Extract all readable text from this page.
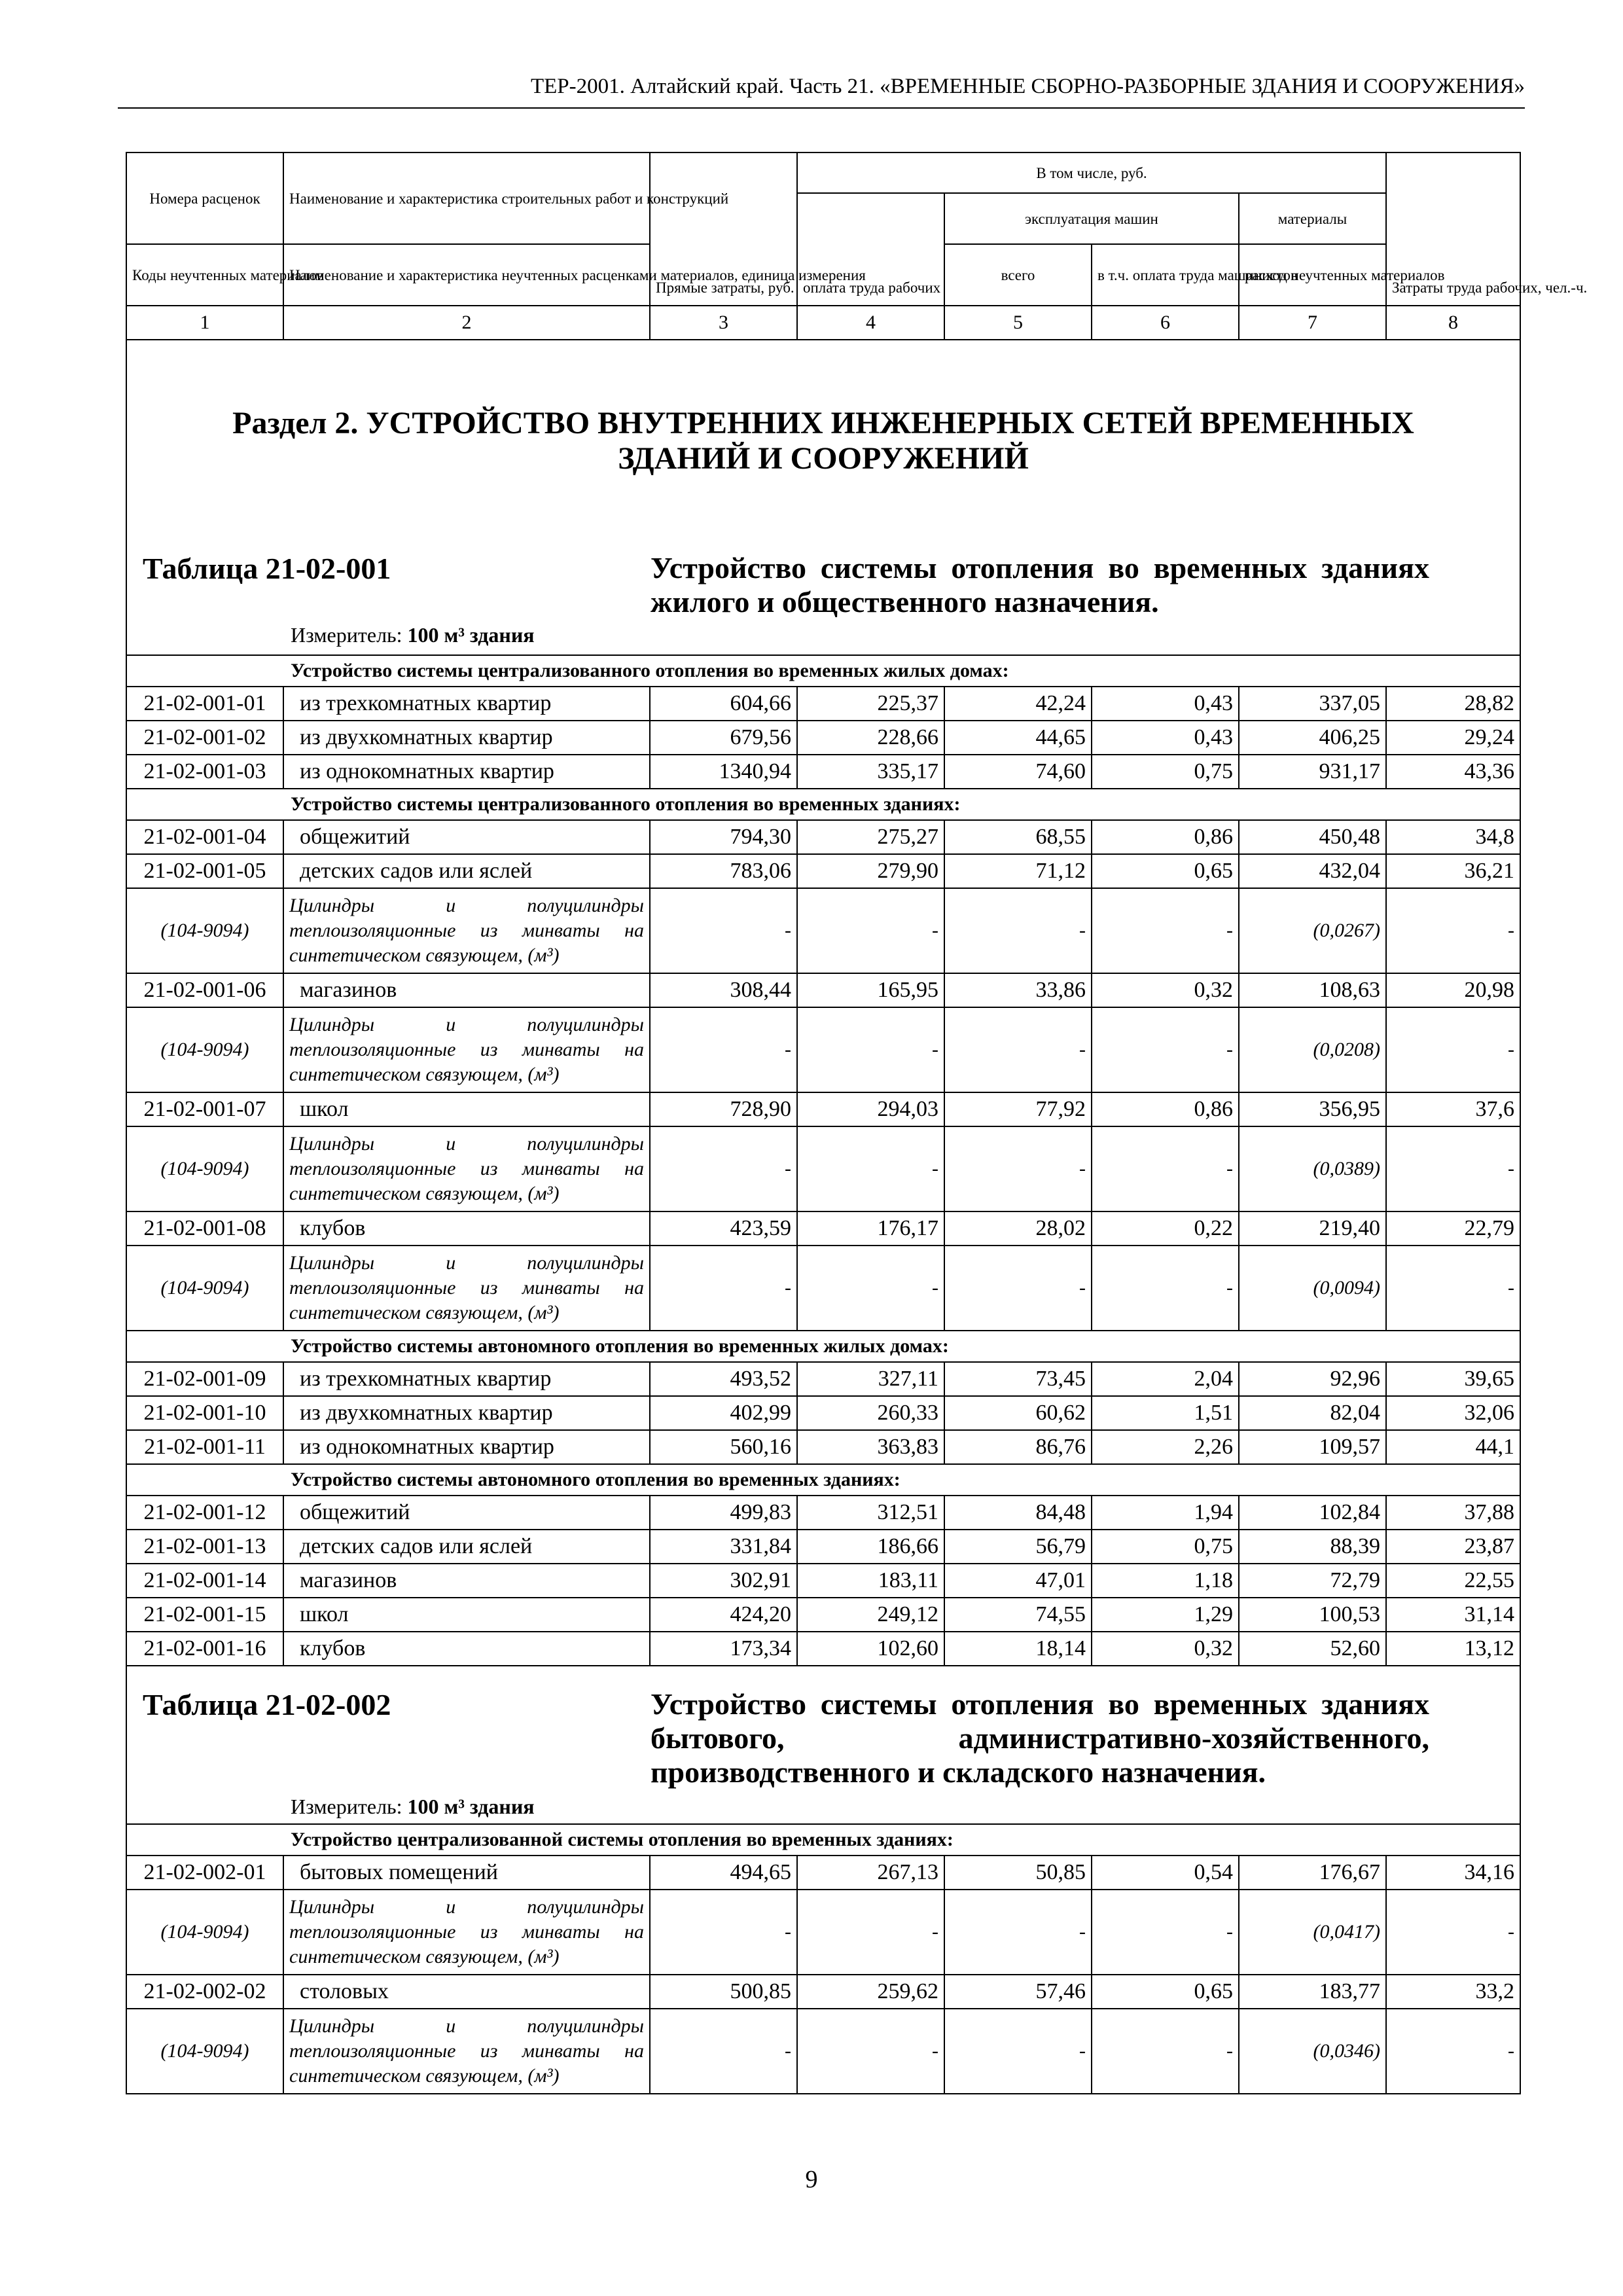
ТЕР-2001. Алтайский край. Часть 21. «ВРЕМЕННЫЕ СБОРНО-РАЗБОРНЫЕ ЗДАНИЯ И СООРУЖЕНИЯ»
Номера расценок	Наименование и характеристика строительных работ и конструкций	Прямые затраты, руб.	В том числе, руб.				Затраты труда рабочих, чел.-ч.
			оплата труда рабочих	эксплуатация машин		материалы	
Коды неучтенных материалов	Наименование и характеристика неучтенных расценками материалов, единица измерения			всего	в т.ч. оплата труда машинистов	расход неучтенных материалов	
1	2	3	4	5	6	7	8

Раздел 2. УСТРОЙСТВО ВНУТРЕННИХ ИНЖЕНЕРНЫХ СЕТЕЙ ВРЕМЕННЫХ ЗДАНИЙ И СООРУЖЕНИЙ
Таблица 21-02-001 Устройство системы отопления во временных зданиях жилого и общественного назначения.
Измеритель: 100 м³ здания							

Устройство системы централизованного отопления во временных жилых домах:							
21-02-001-01	из трехкомнатных квартир	604,66	225,37	42,24	0,43	337,05	28,82
21-02-001-02	из двухкомнатных квартир	679,56	228,66	44,65	0,43	406,25	29,24
21-02-001-03	из однокомнатных квартир	1340,94	335,17	74,60	0,75	931,17	43,36
Устройство системы централизованного отопления во временных зданиях:							
21-02-001-04	общежитий	794,30	275,27	68,55	0,86	450,48	34,8
21-02-001-05	детских садов или яслей	783,06	279,90	71,12	0,65	432,04	36,21
(104-9094)	Цилиндры и полуцилиндры теплоизоляционные из минваты на синтетическом связующем, (м³)	-	-	-	-	(0,0267)	-
21-02-001-06	магазинов	308,44	165,95	33,86	0,32	108,63	20,98
(104-9094)	Цилиндры и полуцилиндры теплоизоляционные из минваты на синтетическом связующем, (м³)	-	-	-	-	(0,0208)	-
21-02-001-07	школ	728,90	294,03	77,92	0,86	356,95	37,6
(104-9094)	Цилиндры и полуцилиндры теплоизоляционные из минваты на синтетическом связующем, (м³)	-	-	-	-	(0,0389)	-
21-02-001-08	клубов	423,59	176,17	28,02	0,22	219,40	22,79
(104-9094)	Цилиндры и полуцилиндры теплоизоляционные из минваты на синтетическом связующем, (м³)	-	-	-	-	(0,0094)	-
Устройство системы автономного отопления во временных жилых домах:							
21-02-001-09	из трехкомнатных квартир	493,52	327,11	73,45	2,04	92,96	39,65
21-02-001-10	из двухкомнатных квартир	402,99	260,33	60,62	1,51	82,04	32,06
21-02-001-11	из однокомнатных квартир	560,16	363,83	86,76	2,26	109,57	44,1
Устройство системы автономного отопления во временных зданиях:							
21-02-001-12	общежитий	499,83	312,51	84,48	1,94	102,84	37,88
21-02-001-13	детских садов или яслей	331,84	186,66	56,79	0,75	88,39	23,87
21-02-001-14	магазинов	302,91	183,11	47,01	1,18	72,79	22,55
21-02-001-15	школ	424,20	249,12	74,55	1,29	100,53	31,14
21-02-001-16	клубов	173,34	102,60	18,14	0,32	52,60	13,12

Таблица 21-02-002 Устройство системы отопления во временных зданиях бытового, административно-хозяйственного, производственного и складского назначения.
Измеритель: 100 м³ здания							

Устройство централизованной системы отопления во временных зданиях:							
21-02-002-01	бытовых помещений	494,65	267,13	50,85	0,54	176,67	34,16
(104-9094)	Цилиндры и полуцилиндры теплоизоляционные из минваты на синтетическом связующем, (м³)	-	-	-	-	(0,0417)	-
21-02-002-02	столовых	500,85	259,62	57,46	0,65	183,77	33,2
(104-9094)	Цилиндры и полуцилиндры теплоизоляционные из минваты на синтетическом связующем, (м³)	-	-	-	-	(0,0346)	-
9
